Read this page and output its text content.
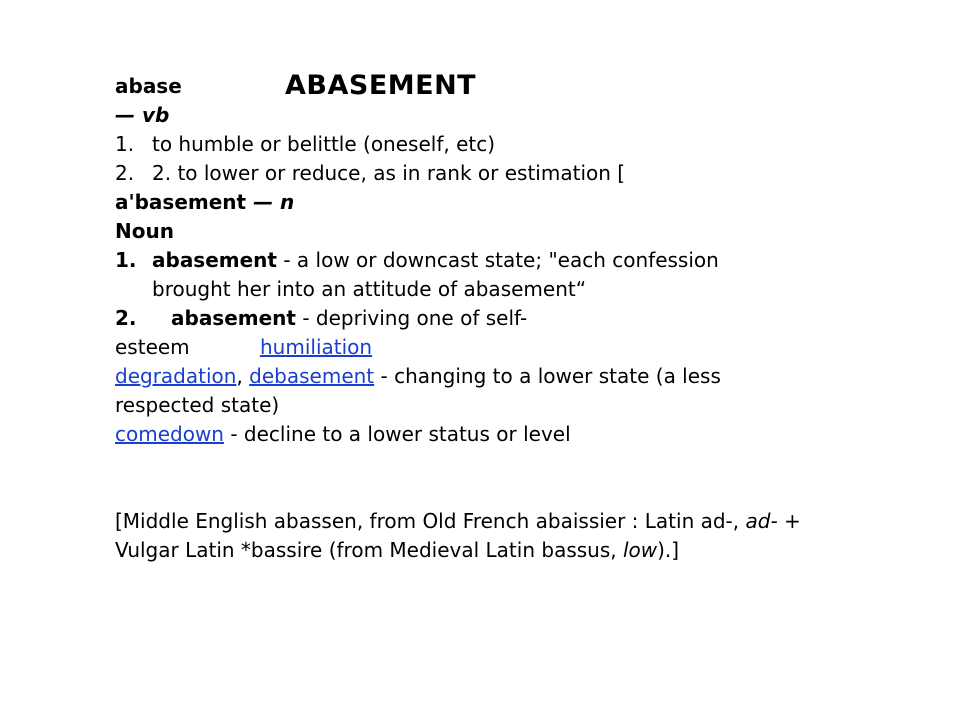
ABASEMENT
abase
— vb
1. to humble or belittle (oneself, etc)
2. 2. to lower or reduce, as in rank or estimation [
a'basement — n
Noun
1. abasement - a low or downcast state; "each confession
brought her into an attitude of abasement“
2. abasement - depriving one of self-
esteem	humiliation
degradation, debasement - changing to a lower state (a less respected state)
comedown - decline to a lower status or level
[Middle English abassen, from Old French abaissier : Latin ad-, ad- + Vulgar Latin *bassire (from Medieval Latin bassus, low).]
